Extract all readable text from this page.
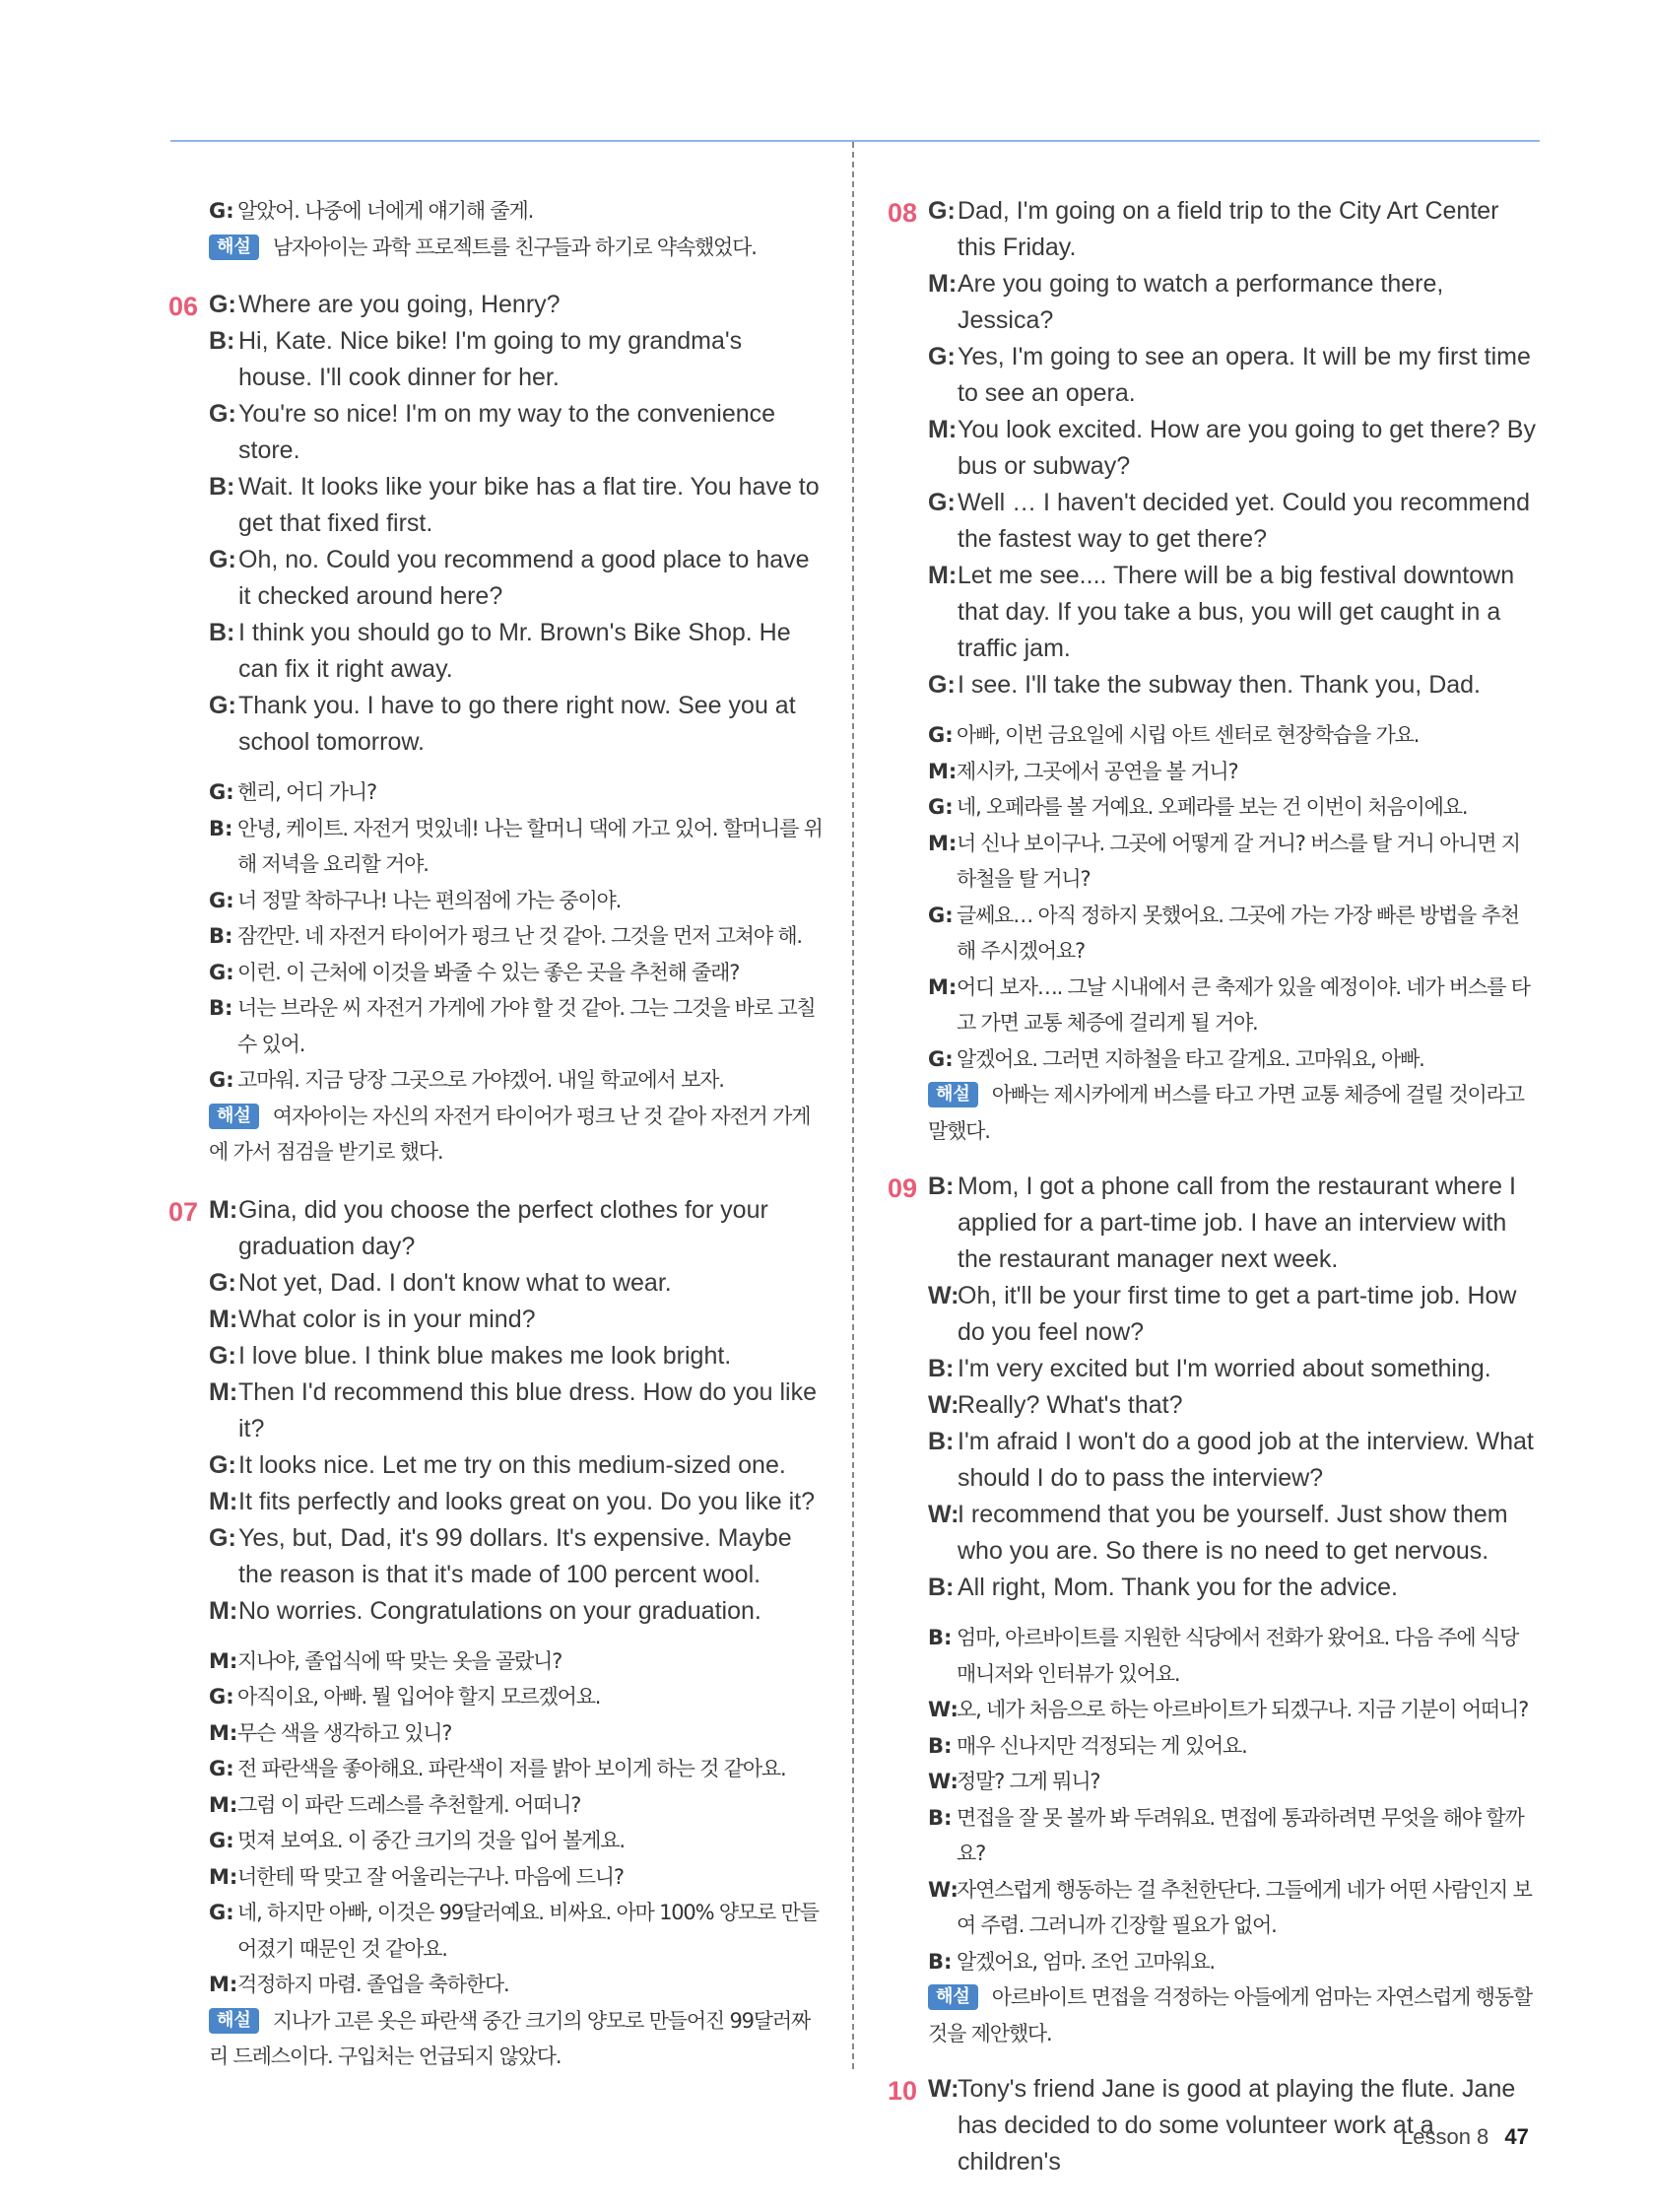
G: 알았어. 나중에 너에게 얘기해 줄게.
해설 남자아이는 과학 프로젝트를 친구들과 하기로 약속했었다.
06 G: Where are you going, Henry?
B: Hi, Kate. Nice bike! I'm going to my grandma's house. I'll cook dinner for her.
G: You're so nice! I'm on my way to the convenience store.
B: Wait. It looks like your bike has a flat tire. You have to get that fixed first.
G: Oh, no. Could you recommend a good place to have it checked around here?
B: I think you should go to Mr. Brown's Bike Shop. He can fix it right away.
G: Thank you. I have to go there right now. See you at school tomorrow.
G: 헨리, 어디 가니?
B: 안녕, 케이트. 자전거 멋있네! 나는 할머니 댁에 가고 있어. 할머니를 위해 저녁을 요리할 거야.
G: 너 정말 착하구나! 나는 편의점에 가는 중이야.
B: 잠깐만. 네 자전거 타이어가 펑크 난 것 같아. 그것을 먼저 고쳐야 해.
G: 이런. 이 근처에 이것을 봐줄 수 있는 좋은 곳을 추천해 줄래?
B: 너는 브라운 씨 자전거 가게에 가야 할 것 같아. 그는 그것을 바로 고칠 수 있어.
G: 고마워. 지금 당장 그곳으로 가야겠어. 내일 학교에서 보자.
해설 여자아이는 자신의 자전거 타이어가 펑크 난 것 같아 자전거 가게에 가서 점검을 받기로 했다.
07 M: Gina, did you choose the perfect clothes for your graduation day?
G: Not yet, Dad. I don't know what to wear.
M: What color is in your mind?
G: I love blue. I think blue makes me look bright.
M: Then I'd recommend this blue dress. How do you like it?
G: It looks nice. Let me try on this medium-sized one.
M: It fits perfectly and looks great on you. Do you like it?
G: Yes, but, Dad, it's 99 dollars. It's expensive. Maybe the reason is that it's made of 100 percent wool.
M: No worries. Congratulations on your graduation.
M: 지나야, 졸업식에 딱 맞는 옷을 골랐니?
G: 아직이요, 아빠. 뭘 입어야 할지 모르겠어요.
M: 무슨 색을 생각하고 있니?
G: 전 파란색을 좋아해요. 파란색이 저를 밝아 보이게 하는 것 같아요.
M: 그럼 이 파란 드레스를 추천할게. 어떠니?
G: 멋져 보여요. 이 중간 크기의 것을 입어 볼게요.
M: 너한테 딱 맞고 잘 어울리는구나. 마음에 드니?
G: 네, 하지만 아빠, 이것은 99달러예요. 비싸요. 아마 100% 양모로 만들어졌기 때문인 것 같아요.
M: 걱정하지 마렴. 졸업을 축하한다.
해설 지나가 고른 옷은 파란색 중간 크기의 양모로 만들어진 99달러짜리 드레스이다. 구입처는 언급되지 않았다.
08 G: Dad, I'm going on a field trip to the City Art Center this Friday.
M: Are you going to watch a performance there, Jessica?
G: Yes, I'm going to see an opera. It will be my first time to see an opera.
M: You look excited. How are you going to get there? By bus or subway?
G: Well … I haven't decided yet. Could you recommend the fastest way to get there?
M: Let me see.... There will be a big festival downtown that day. If you take a bus, you will get caught in a traffic jam.
G: I see. I'll take the subway then. Thank you, Dad.
G: 아빠, 이번 금요일에 시립 아트 센터로 현장학습을 가요.
M: 제시카, 그곳에서 공연을 볼 거니?
G: 네, 오페라를 볼 거예요. 오페라를 보는 건 이번이 처음이에요.
M: 너 신나 보이구나. 그곳에 어떻게 갈 거니? 버스를 탈 거니 아니면 지하철을 탈 거니?
G: 글쎄요… 아직 정하지 못했어요. 그곳에 가는 가장 빠른 방법을 추천해 주시겠어요?
M: 어디 보자…. 그날 시내에서 큰 축제가 있을 예정이야. 네가 버스를 타고 가면 교통 체증에 걸리게 될 거야.
G: 알겠어요. 그러면 지하철을 타고 갈게요. 고마워요, 아빠.
해설 아빠는 제시카에게 버스를 타고 가면 교통 체증에 걸릴 것이라고 말했다.
09 B: Mom, I got a phone call from the restaurant where I applied for a part-time job. I have an interview with the restaurant manager next week.
W:
Oh, it'll be your first time to get a part-time job. How do you feel now?
B: I'm very excited but I'm worried about something.
W:
Really? What's that?
B: I'm afraid I won't do a good job at the interview. What should I do to pass the interview?
W:
I recommend that you be yourself. Just show them who you are. So there is no need to get nervous.
B: All right, Mom. Thank you for the advice.
B: 엄마, 아르바이트를 지원한 식당에서 전화가 왔어요. 다음 주에 식당 매니저와 인터뷰가 있어요.
W:
오, 네가 처음으로 하는 아르바이트가 되겠구나. 지금 기분이 어떠니?
B: 매우 신나지만 걱정되는 게 있어요.
W:
정말? 그게 뭐니?
B: 면접을 잘 못 볼까 봐 두려워요. 면접에 통과하려면 무엇을 해야 할까요?
W:
자연스럽게 행동하는 걸 추천한단다. 그들에게 네가 어떤 사람인지 보여 주렴. 그러니까 긴장할 필요가 없어.
B: 알겠어요, 엄마. 조언 고마워요.
해설 아르바이트 면접을 걱정하는 아들에게 엄마는 자연스럽게 행동할 것을 제안했다.
10 W:
Tony's friend Jane is good at playing the flute. Jane has decided to do some volunteer work at a children's
Lesson 8 47
